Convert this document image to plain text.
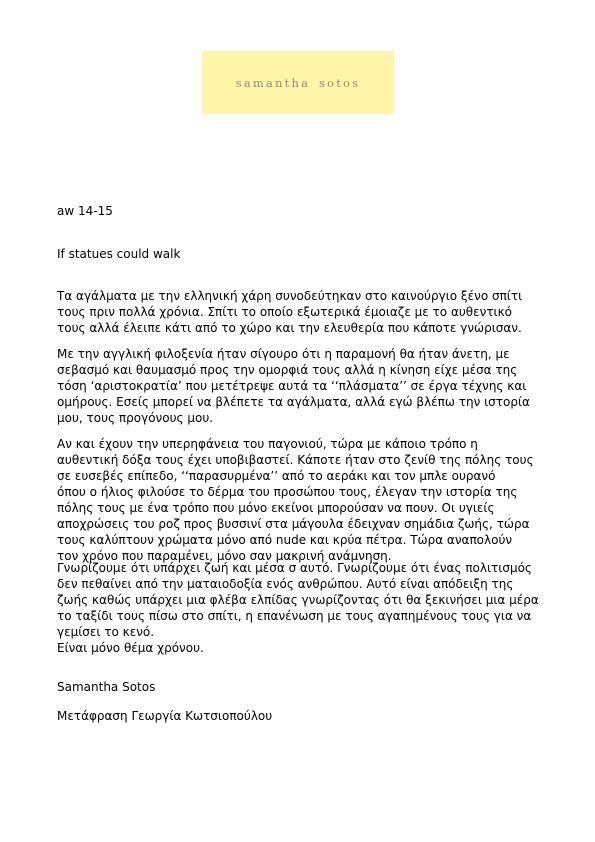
samantha sotos
aw 14-15
If statues could walk
Τα αγάλματα με την ελληνική χάρη συνοδεύτηκαν στο καινούργιο ξένο σπίτι
τους πριν πολλά χρόνια. Σπίτι το οποίο εξωτερικά έμοιαζε με το αυθεντικό
τους αλλά έλειπε κάτι από το χώρο και την ελευθερία που κάποτε γνώρισαν.
Με την αγγλική φιλοξενία ήταν σίγουρο ότι η παραμονή θα ήταν άνετη, με
σεβασμό και θαυμασμό προς την ομορφιά τους αλλά η κίνηση είχε μέσα της
τόση ‘αριστοκρατία’ που μετέτρεψε αυτά τα ‘‘πλάσματα’’ σε έργα τέχνης και
ομήρους. Εσείς μπορεί να βλέπετε τα αγάλματα, αλλά εγώ βλέπω την ιστορία
μου, τους προγόνους μου.
Αν και έχουν την υπερηφάνεια του παγονιού, τώρα με κάποιο τρόπο η
αυθεντική δόξα τους έχει υποβιβαστεί. Κάποτε ήταν στο ζενίθ της πόλης τους
σε ευσεβές επίπεδο, ‘‘παρασυρμένα’’ από το αεράκι και τον μπλε ουρανό
όπου ο ήλιος φιλούσε το δέρμα του προσώπου τους, έλεγαν την ιστορία της
πόλης τους με ένα τρόπο που μόνο εκείνοι μπορούσαν να πουν. Οι υγιείς
αποχρώσεις του ροζ προς βυσσινί στα μάγουλα έδειχναν σημάδια ζωής, τώρα
τους καλύπτουν χρώματα μόνο από nude και κρύα πέτρα. Τώρα αναπολούν
τον χρόνο που παραμένει, μόνο σαν μακρινή ανάμνηση.
Γνωρίζουμε ότι υπάρχει ζωή και μέσα σ αυτό. Γνωρίζουμε ότι ένας πολιτισμός
δεν πεθαίνει από την ματαιοδοξία ενός ανθρώπου. Αυτό είναι απόδειξη της
ζωής καθώς υπάρχει μια φλέβα ελπίδας γνωρίζοντας ότι θα ξεκινήσει μια μέρα
το ταξίδι τους πίσω στο σπίτι, η επανένωση με τους αγαπημένους τους για να
γεμίσει το κενό.
Είναι μόνο θέμα χρόνου.
Samantha Sotos
Μετάφραση Γεωργία Κωτσιοπούλου
